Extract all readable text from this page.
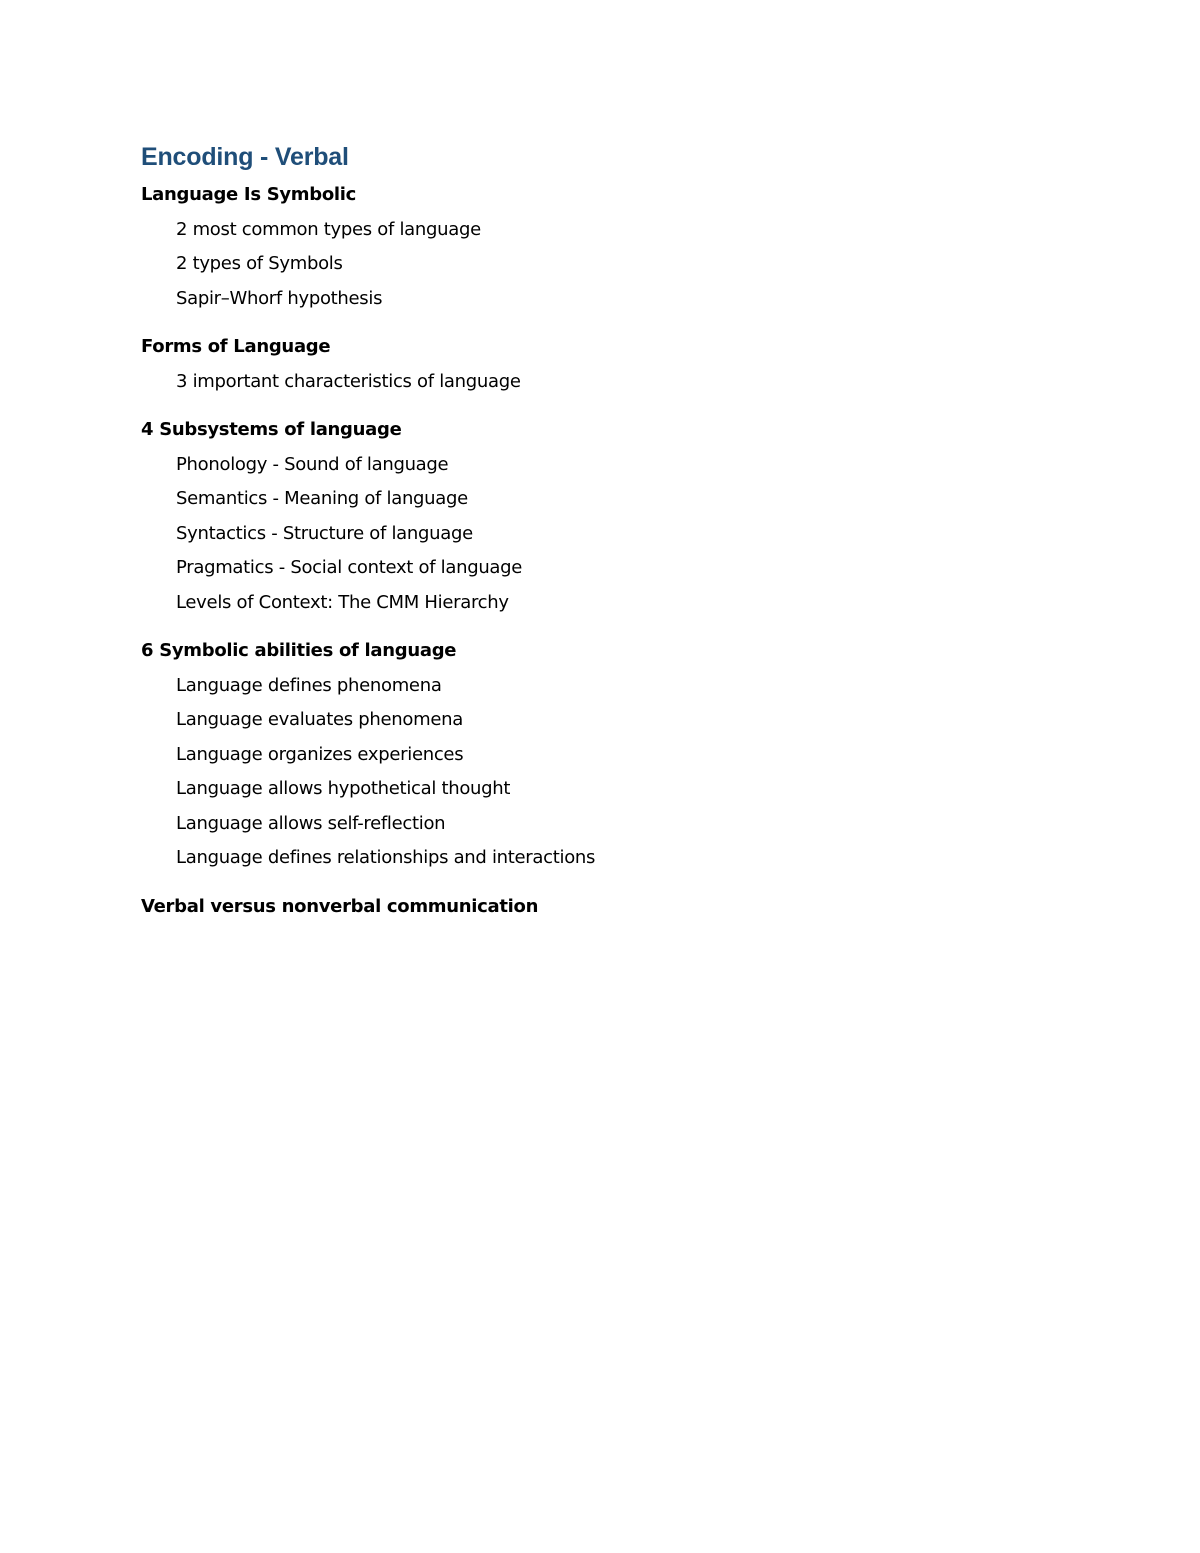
Encoding - Verbal
Language Is Symbolic
2 most common types of language
2 types of Symbols
Sapir–Whorf hypothesis
Forms of Language
3 important characteristics of language
4 Subsystems of language
Phonology - Sound of language
Semantics - Meaning of language
Syntactics - Structure of language
Pragmatics - Social context of language
Levels of Context: The CMM Hierarchy
6 Symbolic abilities of language
Language defines phenomena
Language evaluates phenomena
Language organizes experiences
Language allows hypothetical thought
Language allows self-reflection
Language defines relationships and interactions
Verbal versus nonverbal communication
